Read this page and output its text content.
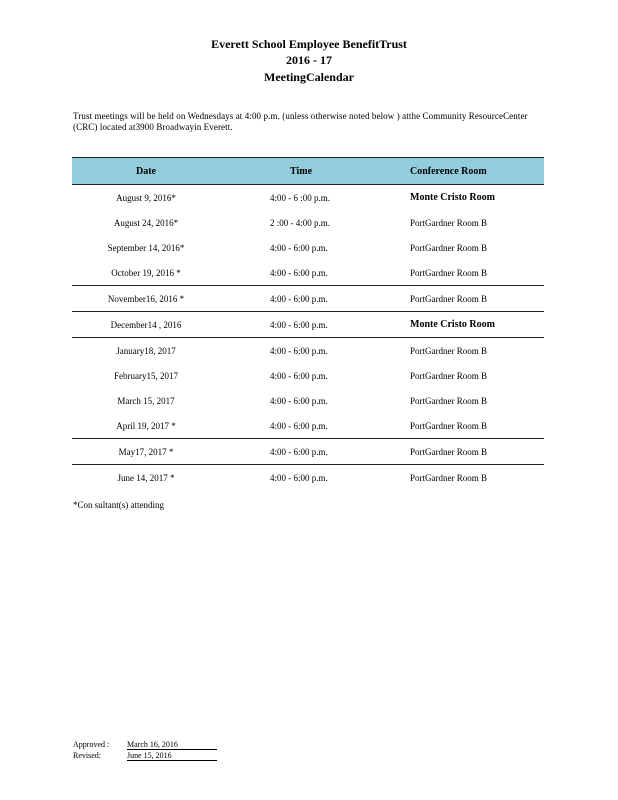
Everett School Employee BenefitTrust
2016 - 17
MeetingCalendar
Trust meetings will be held on Wednesdays at 4:00 p.m. (unless otherwise noted below ) atthe Community ResourceCenter (CRC) located at3900 Broadwayin Everett.
Date	Time	Conference Room
August 9, 2016*	4:00 - 6 :00 p.m.	Monte Cristo Room
August 24, 2016*	2 :00 - 4:00 p.m.	PortGardner Room B
September 14, 2016*	4:00 - 6:00 p.m.	PortGardner Room B
October 19, 2016 *	4:00 - 6:00 p.m.	PortGardner Room B
November16, 2016 *	4:00 - 6:00 p.m.	PortGardner Room B
December14 , 2016	4:00 - 6:00 p.m.	Monte Cristo Room
January18, 2017	4:00 - 6:00 p.m.	PortGardner Room B
February15, 2017	4:00 - 6:00 p.m.	PortGardner Room B
March 15, 2017	4:00 - 6:00 p.m.	PortGardner Room B
April 19, 2017 *	4:00 - 6:00 p.m.	PortGardner Room B
May17, 2017 *	4:00 - 6:00 p.m.	PortGardner Room B
June 14, 2017 *	4:00 - 6:00 p.m.	PortGardner Room B
*Con sultant(s) attending
Approved : March 16, 2016
Revised:	June 15, 2016
